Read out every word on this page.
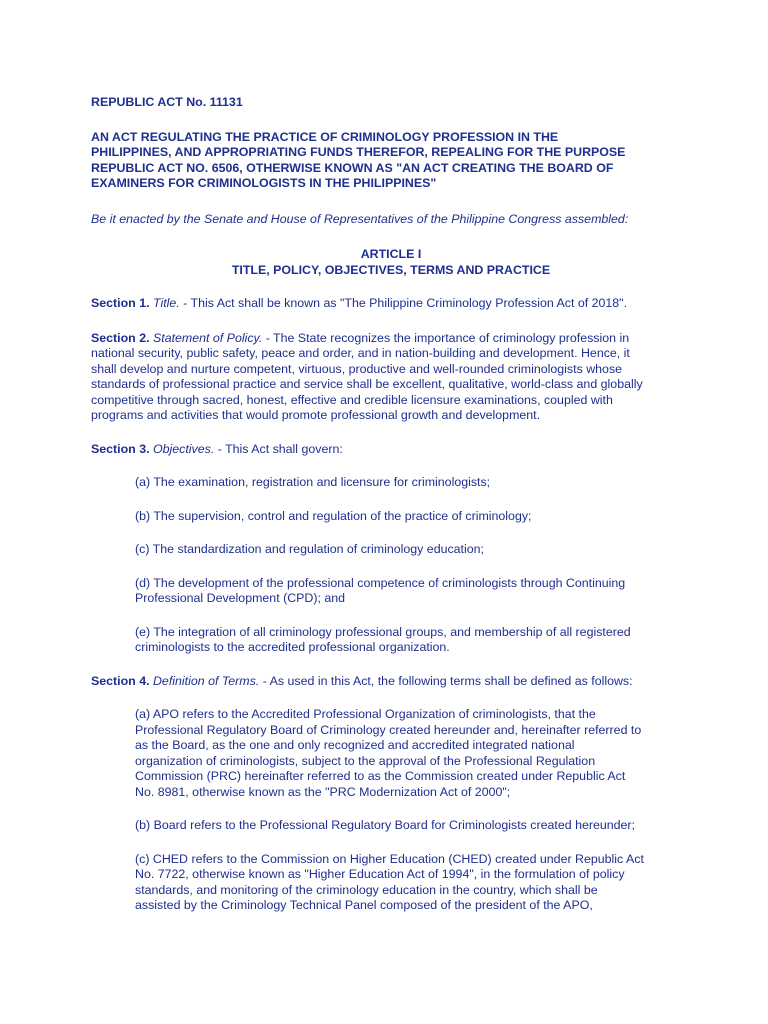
REPUBLIC ACT No. 11131

AN ACT REGULATING THE PRACTICE OF CRIMINOLOGY PROFESSION IN THE
PHILIPPINES, AND APPROPRIATING FUNDS THEREFOR, REPEALING FOR THE PURPOSE
REPUBLIC ACT NO. 6506, OTHERWISE KNOWN AS "AN ACT CREATING THE BOARD OF
EXAMINERS FOR CRIMINOLOGISTS IN THE PHILIPPINES"

Be it enacted by the Senate and House of Representatives of the Philippine Congress assembled:

ARTICLE I
TITLE, POLICY, OBJECTIVES, TERMS AND PRACTICE

Section 1. Title. - This Act shall be known as "The Philippine Criminology Profession Act of 2018".

Section 2. Statement of Policy. - The State recognizes the importance of criminology profession in
national security, public safety, peace and order, and in nation-building and development. Hence, it
shall develop and nurture competent, virtuous, productive and well-rounded criminologists whose
standards of professional practice and service shall be excellent, qualitative, world-class and globally
competitive through sacred, honest, effective and credible licensure examinations, coupled with
programs and activities that would promote professional growth and development.

Section 3. Objectives. - This Act shall govern:

(a) The examination, registration and licensure for criminologists;

(b) The supervision, control and regulation of the practice of criminology;

(c) The standardization and regulation of criminology education;

(d) The development of the professional competence of criminologists through Continuing
Professional Development (CPD); and

(e) The integration of all criminology professional groups, and membership of all registered
criminologists to the accredited professional organization.

Section 4. Definition of Terms. - As used in this Act, the following terms shall be defined as follows:

(a) APO refers to the Accredited Professional Organization of criminologists, that the
Professional Regulatory Board of Criminology created hereunder and, hereinafter referred to
as the Board, as the one and only recognized and accredited integrated national
organization of criminologists, subject to the approval of the Professional Regulation
Commission (PRC) hereinafter referred to as the Commission created under Republic Act
No. 8981, otherwise known as the "PRC Modernization Act of 2000";

(b) Board refers to the Professional Regulatory Board for Criminologists created hereunder;

(c) CHED refers to the Commission on Higher Education (CHED) created under Republic Act
No. 7722, otherwise known as "Higher Education Act of 1994", in the formulation of policy
standards, and monitoring of the criminology education in the country, which shall be
assisted by the Criminology Technical Panel composed of the president of the APO,
